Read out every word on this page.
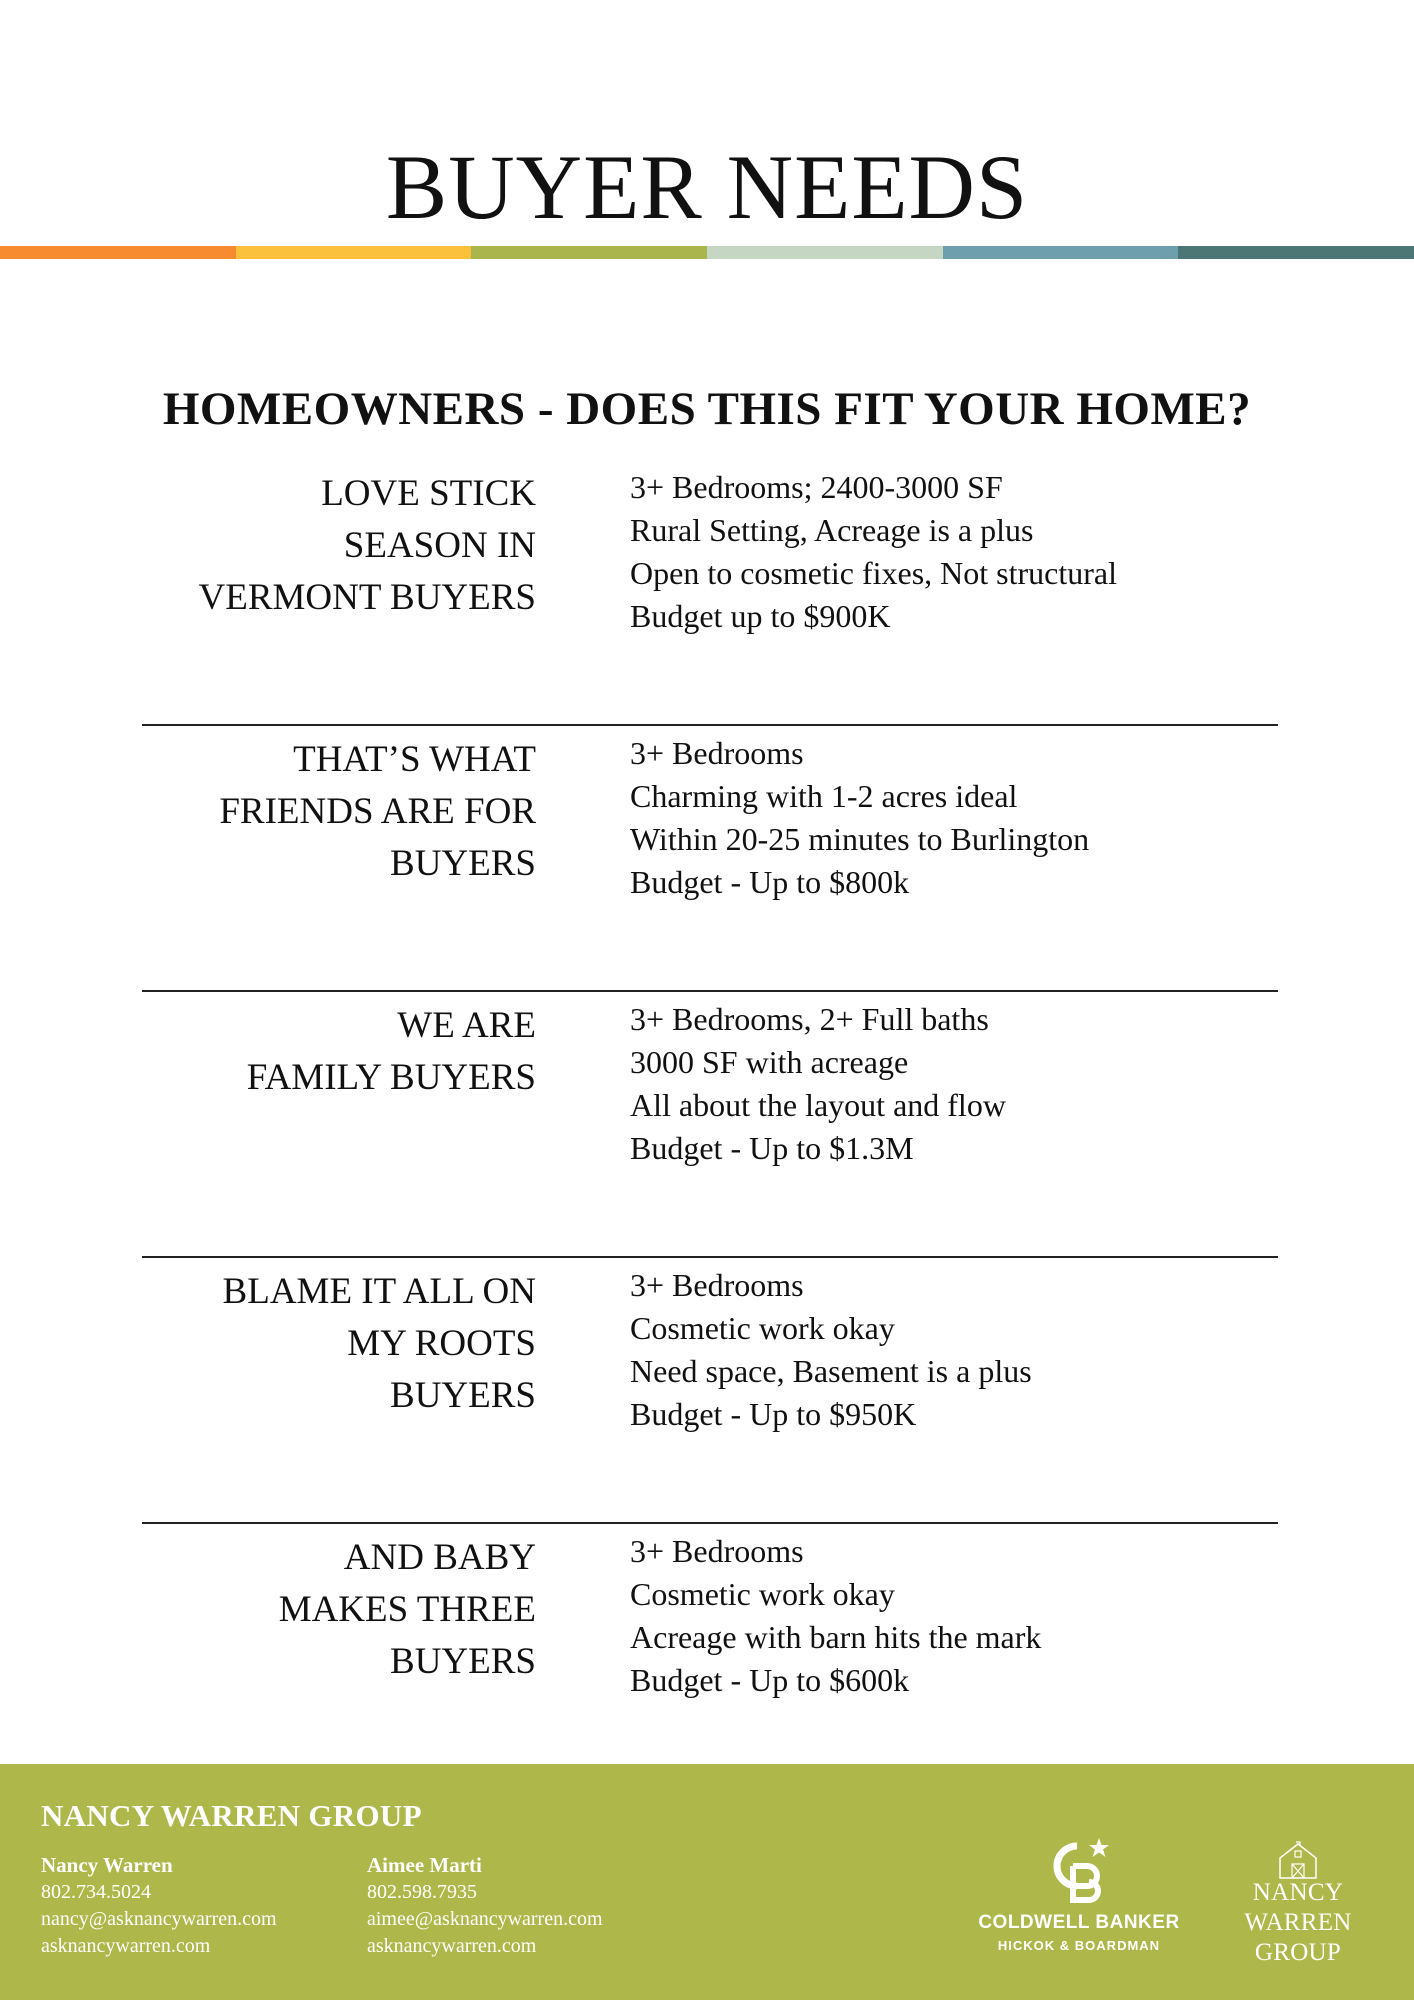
BUYER NEEDS
HOMEOWNERS - DOES THIS FIT YOUR HOME?
LOVE STICK
SEASON IN
VERMONT BUYERS
3+ Bedrooms; 2400-3000 SF
Rural Setting, Acreage is a plus
Open to cosmetic fixes, Not structural
Budget up to $900K
THAT’S WHAT
FRIENDS ARE FOR
BUYERS
3+ Bedrooms
Charming with 1-2 acres ideal
Within 20-25 minutes to Burlington
Budget - Up to $800k
WE ARE
FAMILY BUYERS
3+ Bedrooms, 2+ Full baths
3000 SF with acreage
All about the layout and flow
Budget - Up to $1.3M
BLAME IT ALL ON
MY ROOTS
BUYERS
3+ Bedrooms
Cosmetic work okay
Need space, Basement is a plus
Budget - Up to $950K
AND BABY
MAKES THREE
BUYERS
3+ Bedrooms
Cosmetic work okay
Acreage with barn hits the mark
Budget - Up to $600k
NANCY WARREN GROUP
Nancy Warren
802.734.5024
nancy@asknancywarren.com
asknancywarren.com
Aimee Marti
802.598.7935
aimee@asknancywarren.com
asknancywarren.com
COLDWELL BANKER
HICKOK & BOARDMAN
NANCY WARREN GROUP
